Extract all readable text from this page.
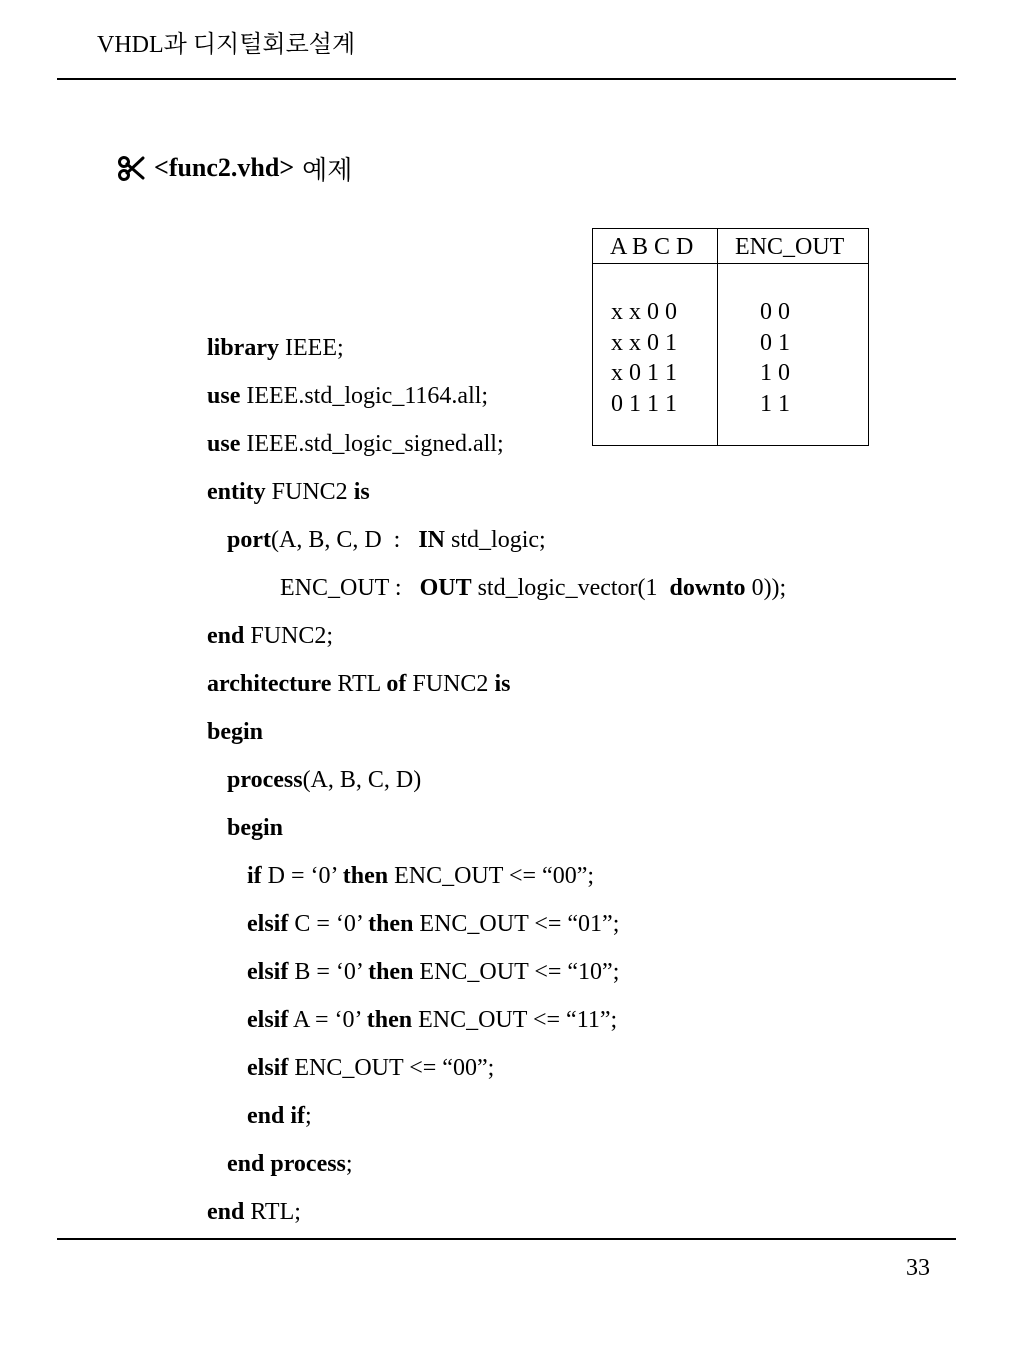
VHDL과 디지털회로설계
<func2.vhd> 예제
A B C D ENC_OUT
x x 0 0	0 0
x x 0 1	0 1
x 0 1 1	1 0
0 1 1 1	1 1
library IEEE;
use IEEE.std_logic_1164.all;
use IEEE.std_logic_signed.all;
entity FUNC2 is
port(A, B, C, D  :   IN std_logic;
ENC_OUT :   OUT std_logic_vector(1  downto 0));
end FUNC2;
architecture RTL of FUNC2 is
begin
process(A, B, C, D)
begin
if D = ‘0’ then ENC_OUT <= “00”;
elsif C = ‘0’ then ENC_OUT <= “01”;
elsif B = ‘0’ then ENC_OUT <= “10”;
elsif A = ‘0’ then ENC_OUT <= “11”;
elsif ENC_OUT <= “00”;
end if;
end process;
end RTL;
33
